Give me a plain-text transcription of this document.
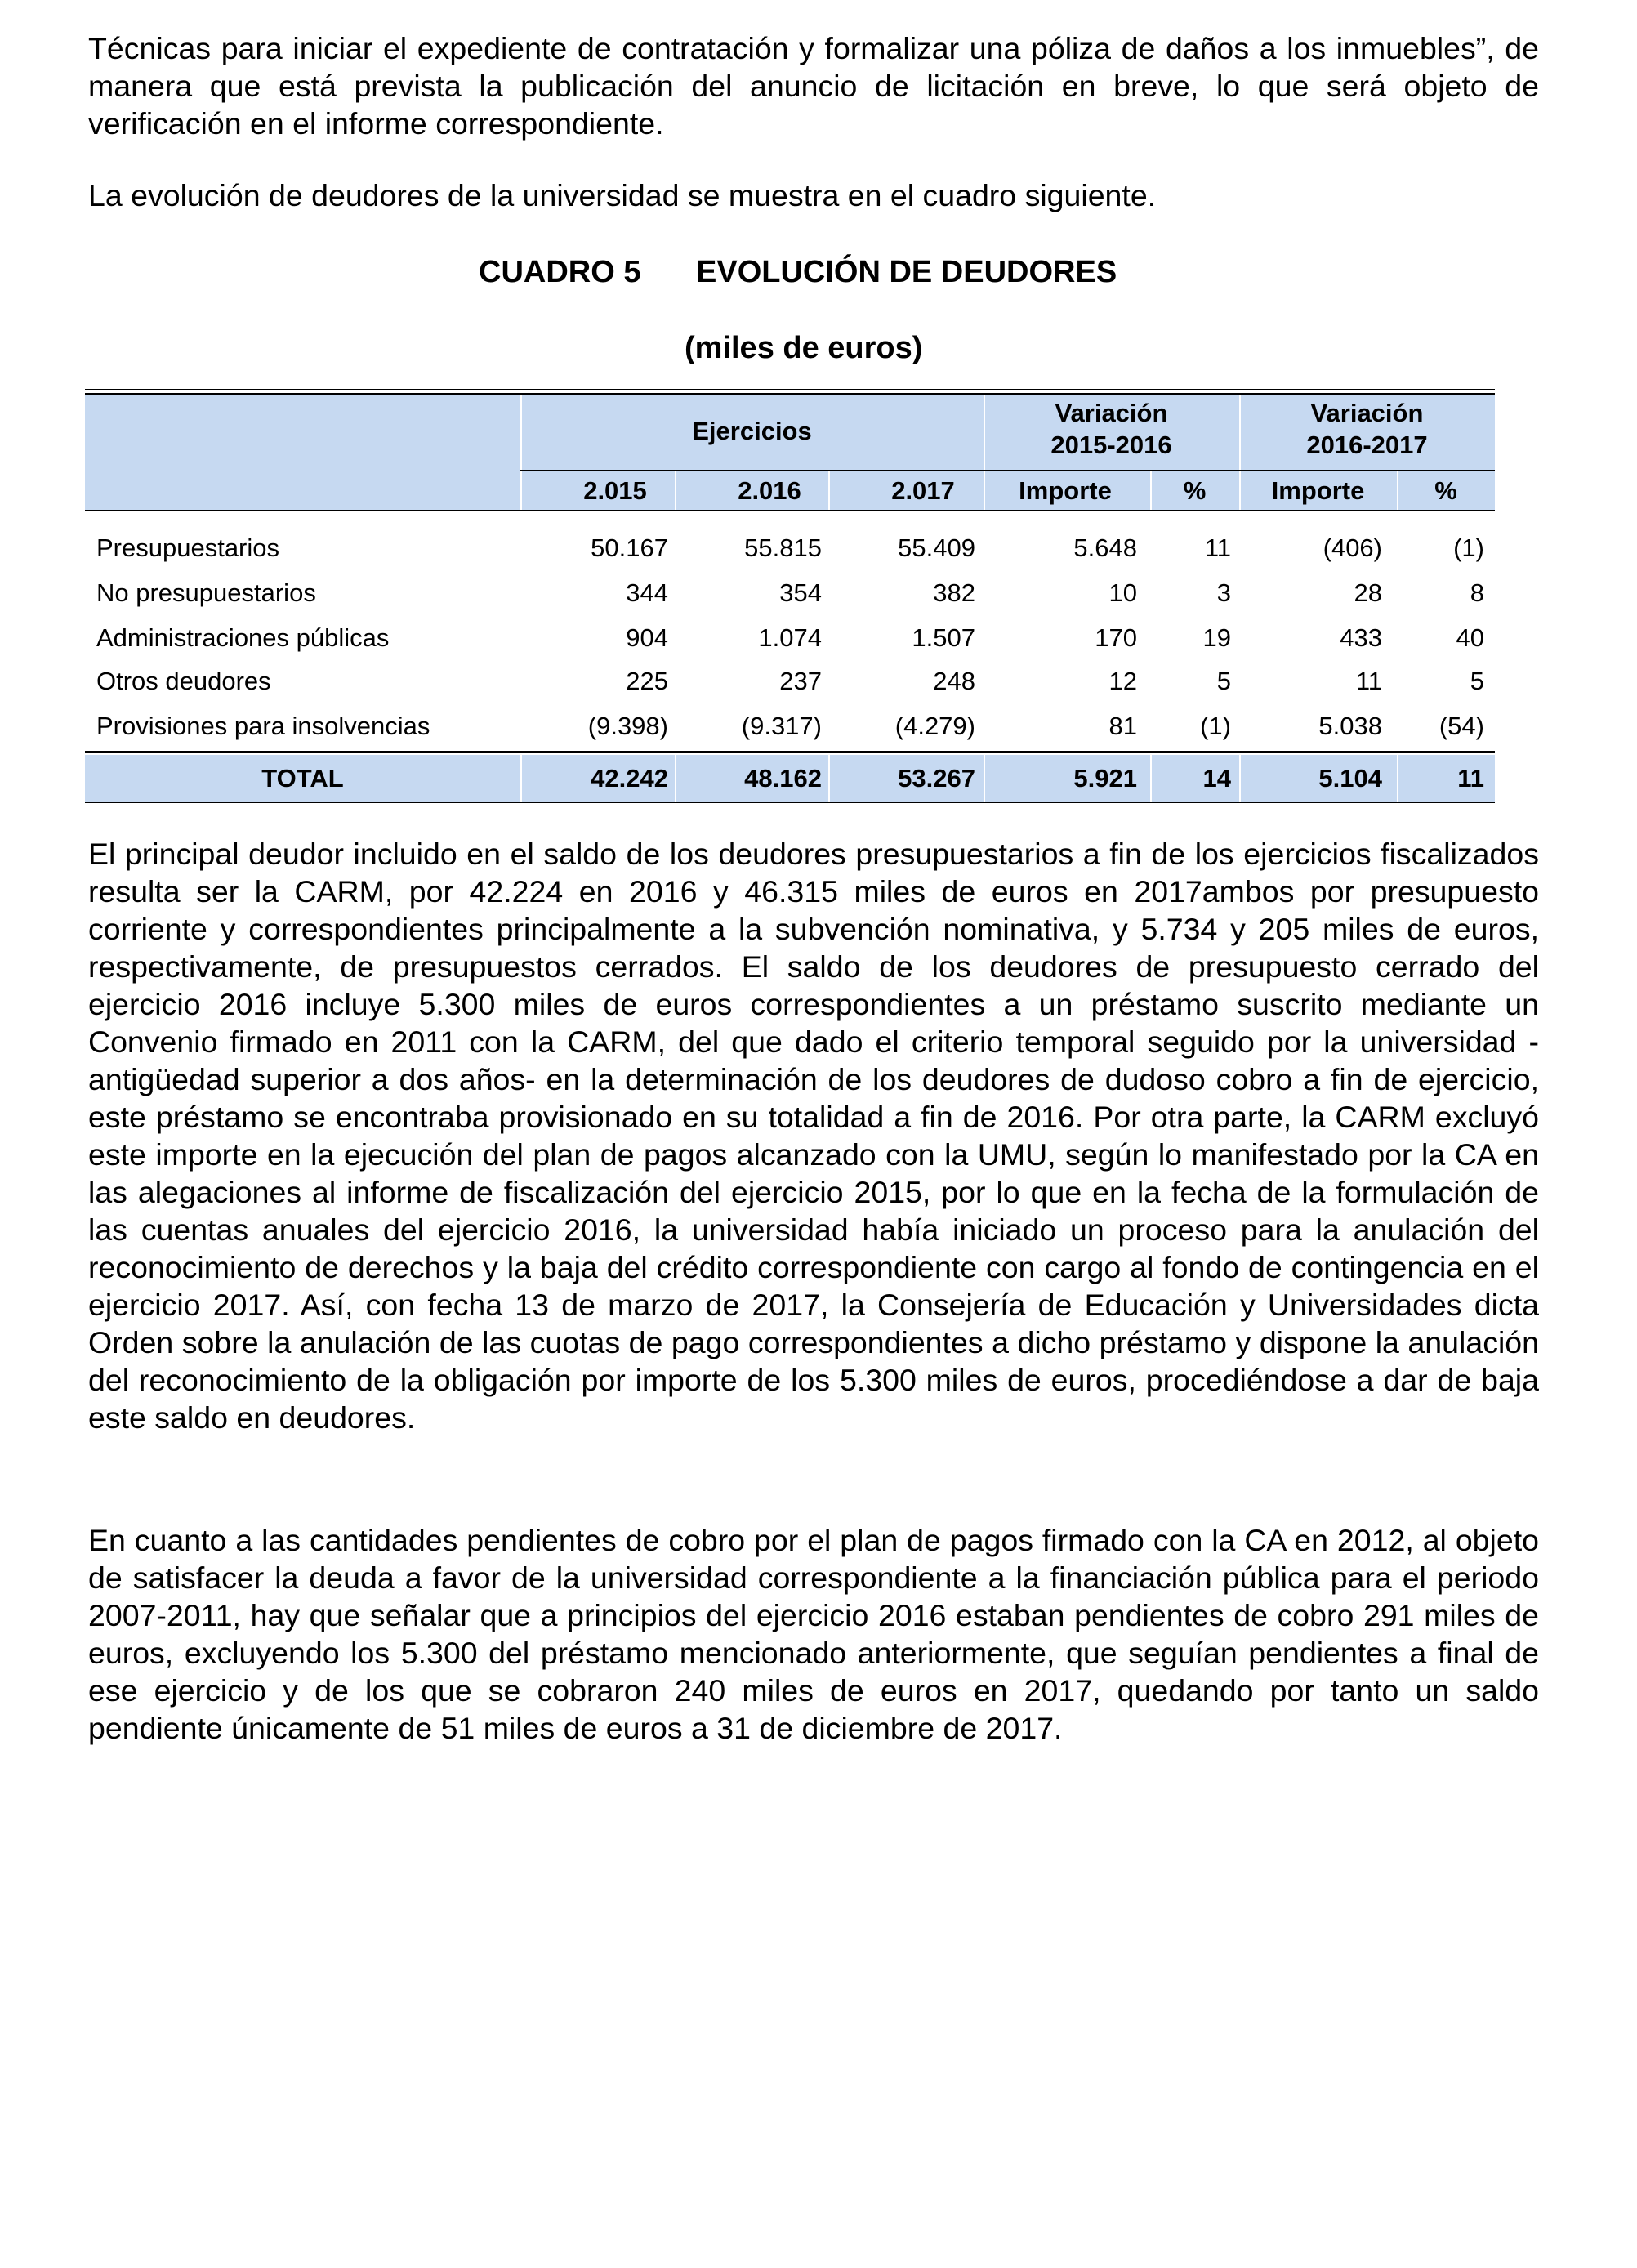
Técnicas para iniciar el expediente de contratación y formalizar una póliza de daños a los inmuebles”, de manera que está prevista la publicación del anuncio de licitación en breve, lo que será objeto de verificación en el informe correspondiente.

La evolución de deudores de la universidad se muestra en el cuadro siguiente.

CUADRO 5 EVOLUCIÓN DE DEUDORES
(miles de euros)
Ejercicios
Variación
2015-2016
Variación
2016-2017
2.015	2.016	2.017	Importe	%	Importe	%
Presupuestarios	50.167	55.815	55.409	5.648	11	(406)	(1)
No presupuestarios	344	354	382	10	3	28	8
Administraciones públicas	904	1.074	1.507	170	19	433	40
Otros deudores	225	237	248	12	5	11	5
Provisiones para insolvencias	(9.398)	(9.317)	(4.279)	81	(1)	5.038	(54)
TOTAL	42.242	48.162	53.267	5.921	14	5.104	11

El principal deudor incluido en el saldo de los deudores presupuestarios a fin de los ejercicios fiscalizados resulta ser la CARM, por 42.224 en 2016 y 46.315 miles de euros en 2017ambos por presupuesto corriente y correspondientes principalmente a la subvención nominativa, y 5.734 y 205 miles de euros, respectivamente, de presupuestos cerrados. El saldo de los deudores de presupuesto cerrado del ejercicio 2016 incluye 5.300 miles de euros correspondientes a un préstamo suscrito mediante un Convenio firmado en 2011 con la CARM, del que dado el criterio temporal seguido por la universidad -antigüedad superior a dos años- en la determinación de los deudores de dudoso cobro a fin de ejercicio, este préstamo se encontraba provisionado en su totalidad a fin de 2016. Por otra parte, la CARM excluyó este importe en la ejecución del plan de pagos alcanzado con la UMU, según lo manifestado por la CA en las alegaciones al informe de fiscalización del ejercicio 2015, por lo que en la fecha de la formulación de las cuentas anuales del ejercicio 2016, la universidad había iniciado un proceso para la anulación del reconocimiento de derechos y la baja del crédito correspondiente con cargo al fondo de contingencia en el ejercicio 2017. Así, con fecha 13 de marzo de 2017, la Consejería de Educación y Universidades dicta Orden sobre la anulación de las cuotas de pago correspondientes a dicho préstamo y dispone la anulación del reconocimiento de la obligación por importe de los 5.300 miles de euros, procediéndose a dar de baja este saldo en deudores.

En cuanto a las cantidades pendientes de cobro por el plan de pagos firmado con la CA en 2012, al objeto de satisfacer la deuda a favor de la universidad correspondiente a la financiación pública para el periodo 2007-2011, hay que señalar que a principios del ejercicio 2016 estaban pendientes de cobro 291 miles de euros, excluyendo los 5.300 del préstamo mencionado anteriormente, que seguían pendientes a final de ese ejercicio y de los que se cobraron 240 miles de euros en 2017, quedando por tanto un saldo pendiente únicamente de 51 miles de euros a 31 de diciembre de 2017.
